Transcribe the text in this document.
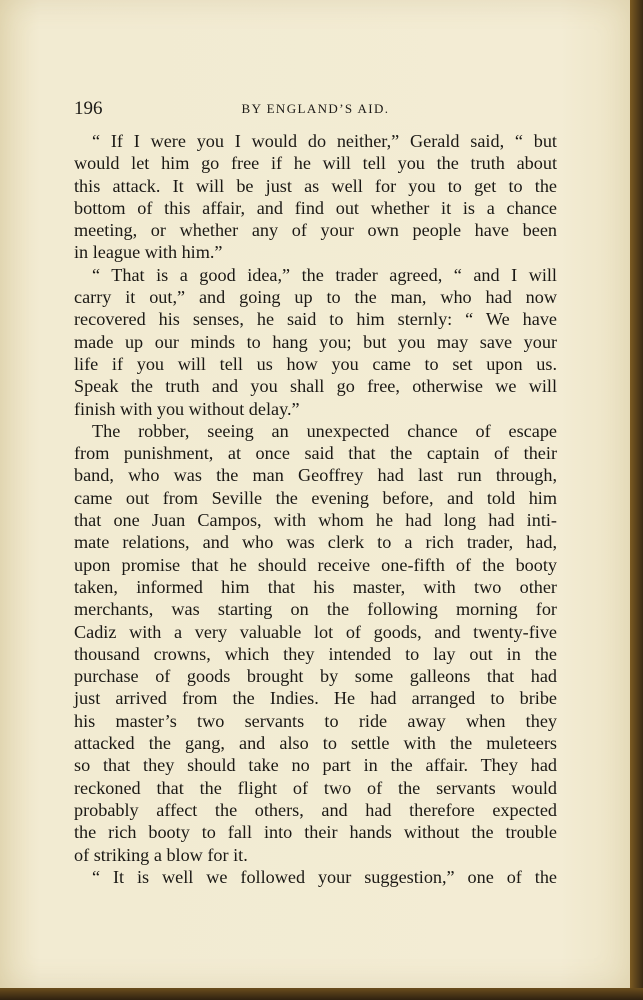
196	BY ENGLAND’S AID.
“ If I were you I would do neither,” Gerald said, “ but
would let him go free if he will tell you the truth about
this attack. It will be just as well for you to get to the
bottom of this affair, and find out whether it is a chance
meeting, or whether any of your own people have been
in league with him.”
“ That is a good idea,” the trader agreed, “ and I will
carry it out,” and going up to the man, who had now
recovered his senses, he said to him sternly: “ We have
made up our minds to hang you; but you may save your
life if you will tell us how you came to set upon us.
Speak the truth and you shall go free, otherwise we will
finish with you without delay.”
The robber, seeing an unexpected chance of escape
from punishment, at once said that the captain of their
band, who was the man Geoffrey had last run through,
came out from Seville the evening before, and told him
that one Juan Campos, with whom he had long had inti-
mate relations, and who was clerk to a rich trader, had,
upon promise that he should receive one-fifth of the booty
taken, informed him that his master, with two other
merchants, was starting on the following morning for
Cadiz with a very valuable lot of goods, and twenty-five
thousand crowns, which they intended to lay out in the
purchase of goods brought by some galleons that had
just arrived from the Indies. He had arranged to bribe
his master’s two servants to ride away when they
attacked the gang, and also to settle with the muleteers
so that they should take no part in the affair. They had
reckoned that the flight of two of the servants would
probably affect the others, and had therefore expected
the rich booty to fall into their hands without the trouble
of striking a blow for it.
“ It is well we followed your suggestion,” one of the
